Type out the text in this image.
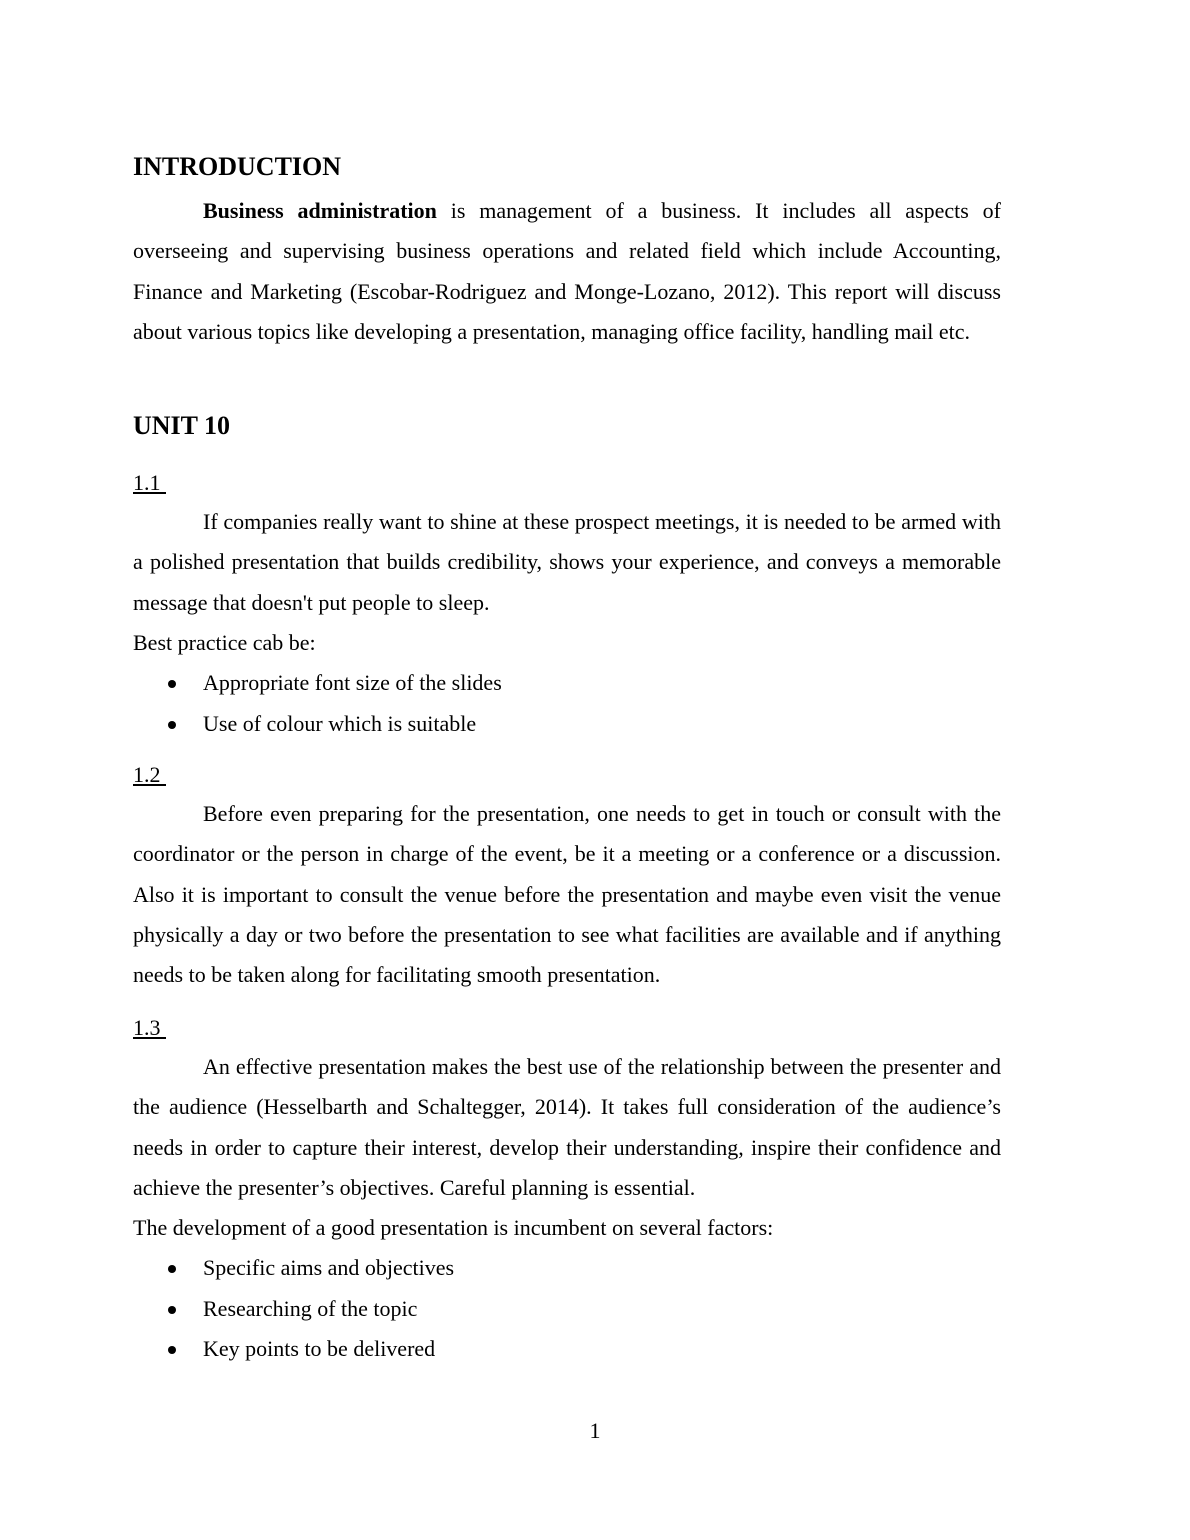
INTRODUCTION

Business administration is management of a business. It includes all aspects of overseeing and supervising business operations and related field which include Accounting, Finance and Marketing (Escobar-Rodriguez and Monge-Lozano, 2012). This report will discuss about various topics like developing a presentation, managing office facility, handling mail etc.

UNIT 10

1.1

If companies really want to shine at these prospect meetings, it is needed to be armed with a polished presentation that builds credibility, shows your experience, and conveys a memorable message that doesn't put people to sleep.

Best practice cab be:

Appropriate font size of the slides
Use of colour which is suitable

1.2

Before even preparing for the presentation, one needs to get in touch or consult with the coordinator or the person in charge of the event, be it a meeting or a conference or a discussion. Also it is important to consult the venue before the presentation and maybe even visit the venue physically a day or two before the presentation to see what facilities are available and if anything needs to be taken along for facilitating smooth presentation.

1.3

An effective presentation makes the best use of the relationship between the presenter and the audience (Hesselbarth and Schaltegger, 2014). It takes full consideration of the audience’s needs in order to capture their interest, develop their understanding, inspire their confidence and achieve the presenter’s objectives. Careful planning is essential.

The development of a good presentation is incumbent on several factors:

Specific aims and objectives
Researching of the topic
Key points to be delivered
1
